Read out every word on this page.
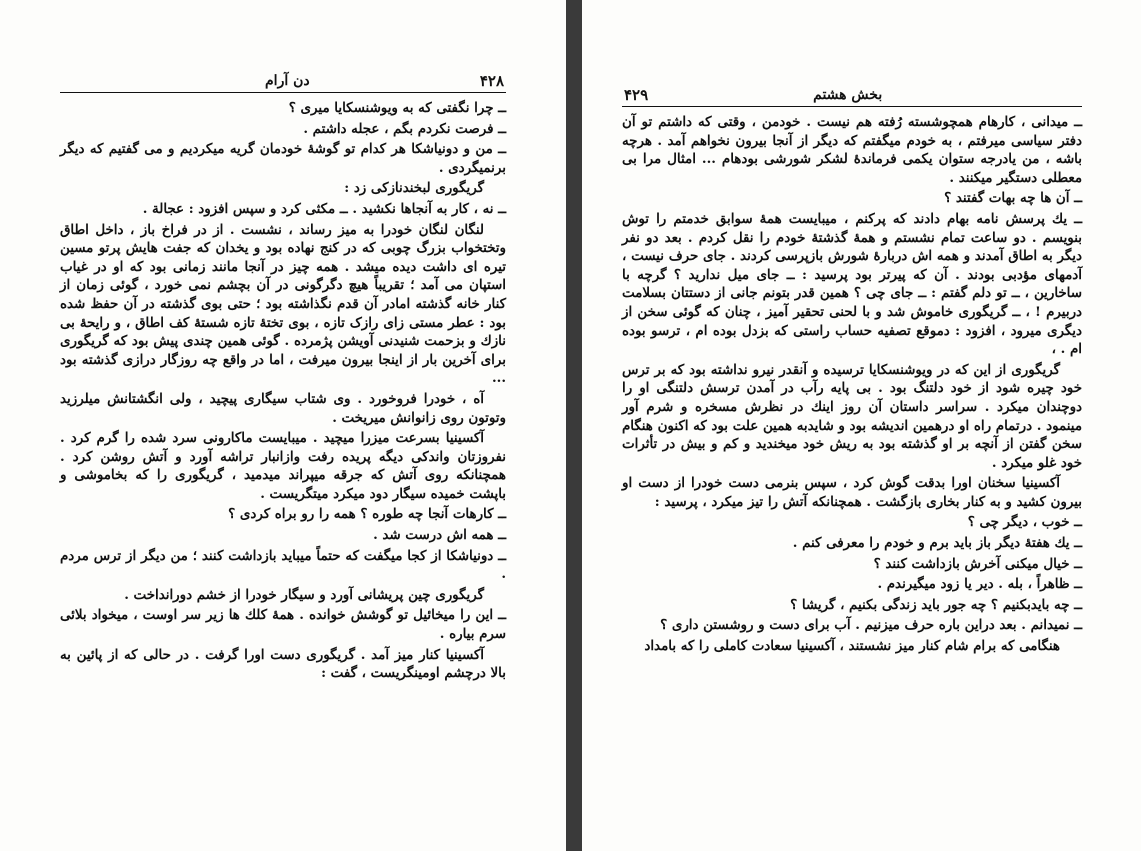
۴۲۸
دن آرام

ــ چرا نگفتی که به ویوشنسکایا میری ؟

ــ فرصت نکردم بگم ، عجله داشتم .

ــ من و دونیاشکا هر کدام تو گوشهٔ خودمان گریه میکردیم و می گفتیم که دیگر برنمیگردی .

گریگوری لبخندنازکی زد :

ــ نه ، کار به آنجاها نکشید . ــ مکثی کرد و سپس افزود : عجالة .

لنگان لنگان خودرا به میز رساند ، نشست . از در فراخ باز ، داخل اطاق وتختخواب بزرگ چوبی که در کنج نهاده بود و یخدان که جفت هایش پرتو مسین تیره ای داشت دیده میشد . همه چیز در آنجا مانند زمانی بود که او در غیاب استپان می آمد ؛ تقریباً هیچ دگرگونی در آن بچشم نمی خورد ، گوئی زمان از کنار خانه گذشته امادر آن قدم نگذاشته بود ؛ حتی بوی گذشته در آن حفظ شده بود : عطر مستی زای رازک تازه ، بوی تختهٔ تازه شستهٔ کف اطاق ، و رایحهٔ بی نازك و بزحمت شنیدنی آویشن پژمرده . گوئی همین چندی پیش بود که گریگوری برای آخرین بار از اینجا بیرون میرفت ، اما در واقع چه روزگار درازی گذشته بود ...

آه ، خودرا فروخورد . وی شتاب سیگاری پیچید ، ولی انگشتانش میلرزید وتوتون روی زانوانش میریخت .

آکسینیا بسرعت میزرا میچید . میبایست ماکارونی سرد شده را گرم کرد . نفروزتان واندکی دیگه پریده رفت وازانبار تراشه آورد و آتش روشن کرد . همچنانکه روی آتش که جرقه میپراند میدمید ، گریگوری را که بخاموشی و باپشت خمیده سیگار دود میکرد میتگریست .

ــ کارهات آنجا چه طوره ؟ همه را رو براه کردی ؟

ــ همه اش درست شد .

ــ دونیاشکا از کجا میگفت که حتماً میباید بازداشت کنند ؛ من دیگر از ترس مردم .

گریگوری چین پریشانی آورد و سیگار خودرا از خشم دورانداخت .

ــ این را میخائیل تو گوشش خوانده . همهٔ کلك ها زیر سر اوست ، میخواد بلائی سرم بیاره .

آکسینیا کنار میز آمد . گریگوری دست اورا گرفت . در حالی که از پائین به بالا درچشم اومینگریست ، گفت :

بخش هشتم
۴۲۹

ــ میدانی ، کارهام همچوشسته رُفته هم نیست . خودمن ، وقتی که داشتم تو آن دفتر سیاسی میرفتم ، به خودم میگفتم که دیگر از آنجا بیرون نخواهم آمد . هرچه باشه ، من یادرجه ستوان یکمی فرماندهٔ لشکر شورشی بودهام ... امثال مرا بی معطلی دستگیر میکنند .

ــ آن ها چه بهات گفتند ؟

ــ یك پرسش نامه بهام دادند که پرکنم ، میبایست همهٔ سوابق خدمتم را توش بنویسم . دو ساعت تمام نشستم و همهٔ گذشتهٔ خودم را نقل کردم . بعد دو نفر دیگر به اطاق آمدند و همه اش دربارهٔ شورش بازپرسی کردند . جای حرف نیست ، آدمهای مؤدبی بودند . آن که پیرتر بود پرسید : ــ جای میل ندارید ؟ گرچه با ساخارین ، ــ تو دلم گفتم : ــ جای چی ؟ همین قدر بتونم جانی از دستتان بسلامت دربیرم ! ، ــ گریگوری خاموش شد و با لحنی تحقیر آمیز ، چنان که گوئی سخن از دیگری میرود ، افزود : دموقع تصفیه حساب راستی که بزدل بوده ام ، ترسو بوده ام . ،

گریگوری از این که در ویوشنسکایا ترسیده و آنقدر نیرو نداشته بود که بر ترس خود چیره شود از خود دلتنگ بود . بی پایه رآب در آمدن ترسش دلتنگی او را دوچندان میکرد . سراسر داستان آن روز اینك در نظرش مسخره و شرم آور مینمود . درتمام راه او درهمین اندیشه بود و شایدبه همین علت بود که اکنون هنگام سخن گفتن از آنچه بر او گذشته بود به ریش خود میخندید و کم و بیش در تأثرات خود غلو میکرد .

آکسینیا سخنان اورا بدقت گوش کرد ، سپس بنرمی دست خودرا از دست او بیرون کشید و به کنار بخاری بازگشت . همچنانکه آتش را تیز میکرد ، پرسید :

ــ خوب ، دیگر چی ؟

ــ یك هفتهٔ دیگر باز باید برم و خودم را معرفی کنم .

ــ خیال میکنی آخرش بازداشت کنند ؟

ــ ظاهراً ، بله . دیر یا زود میگیرندم .

ــ چه بایدبکنیم ؟ چه جور باید زندگی بکنیم ، گریشا ؟

ــ نمیدانم . بعد دراین باره حرف میزنیم . آب برای دست و روشستن داری ؟

هنگامی که برام شام کنار میز نشستند ، آکسینیا سعادت کاملی را که بامداد
